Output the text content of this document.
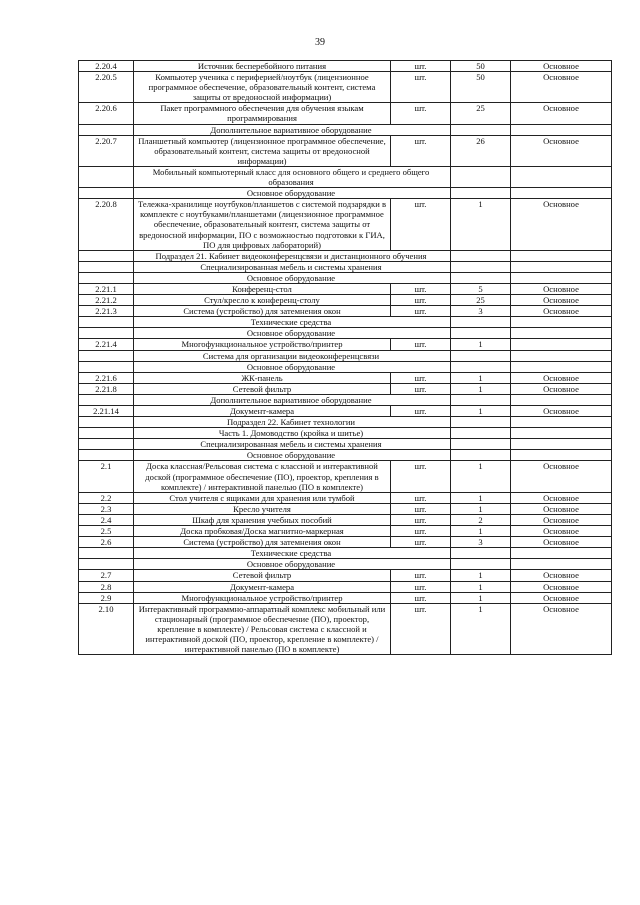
39
2.20.4	Источник бесперебойного питания	шт.	50	Основное
2.20.5	Компьютер ученика с периферией/ноутбук (лицензионное программное обеспечение, образовательный контент, система защиты от вредоносной информации)	шт.	50	Основное
2.20.6	Пакет программного обеспечения для обучения языкам программирования	шт.	25	Основное
	Дополнительное вариативное оборудование			
2.20.7	Планшетный компьютер (лицензионное программное обеспечение, образовательный контент, система защиты от вредоносной информации)	шт.	26	Основное
	Мобильный компьютерный класс для основного общего и среднего общего образования			
	Основное оборудование			
2.20.8	Тележка-хранилище ноутбуков/планшетов с системой подзарядки в комплекте с ноутбуками/планшетами (лицензионное программное обеспечение, образовательный контент, система защиты от вредоносной информации, ПО с возможностью подготовки к ГИА, ПО для цифровых лабораторий)	шт.	1	Основное
	Подраздел 21. Кабинет видеоконференцсвязи и дистанционного обучения			
	Специализированная мебель и системы хранения			
	Основное оборудование			
2.21.1	Конференц-стол	шт.	5	Основное
2.21.2	Стул/кресло к конференц-столу	шт.	25	Основное
2.21.3	Система (устройство) для затемнения окон	шт.	3	Основное
	Технические средства			
	Основное оборудование			
2.21.4	Многофункциональное устройство/принтер	шт.	1	
	Система для организации видеоконференцсвязи			
	Основное оборудование			
2.21.6	ЖК-панель	шт.	1	Основное
2.21.8	Сетевой фильтр	шт.	1	Основное
	Дополнительное вариативное оборудование			
2.21.14	Документ-камера	шт.	1	Основное
	Подраздел 22. Кабинет технологии			
	Часть 1. Домоводство (кройка и шитье)			
	Специализированная мебель и системы хранения			
	Основное оборудование			
2.1	Доска классная/Рельсовая система с классной и интерактивной доской (программное обеспечение (ПО), проектор, крепления в комплекте) / интерактивной панелью (ПО в комплекте)	шт.	1	Основное
2.2	Стол учителя с ящиками для хранения или тумбой	шт.	1	Основное
2.3	Кресло учителя	шт.	1	Основное
2.4	Шкаф для хранения учебных пособий	шт.	2	Основное
2.5	Доска пробковая/Доска магнитно-маркерная	шт.	1	Основное
2.6	Система (устройство) для затемнения окон	шт.	3	Основное
	Технические средства			
	Основное оборудование			
2.7	Сетевой фильтр	шт.	1	Основное
2.8	Документ-камера	шт.	1	Основное
2.9	Многофункциональное устройство/принтер	шт.	1	Основное
2.10	Интерактивный программно-аппаратный комплекс мобильный или стационарный (программное обеспечение (ПО), проектор, крепление в комплекте) / Рельсовая система с классной и интерактивной доской (ПО, проектор, крепление в комплекте) / интерактивной панелью (ПО в комплекте)	шт.	1	Основное
